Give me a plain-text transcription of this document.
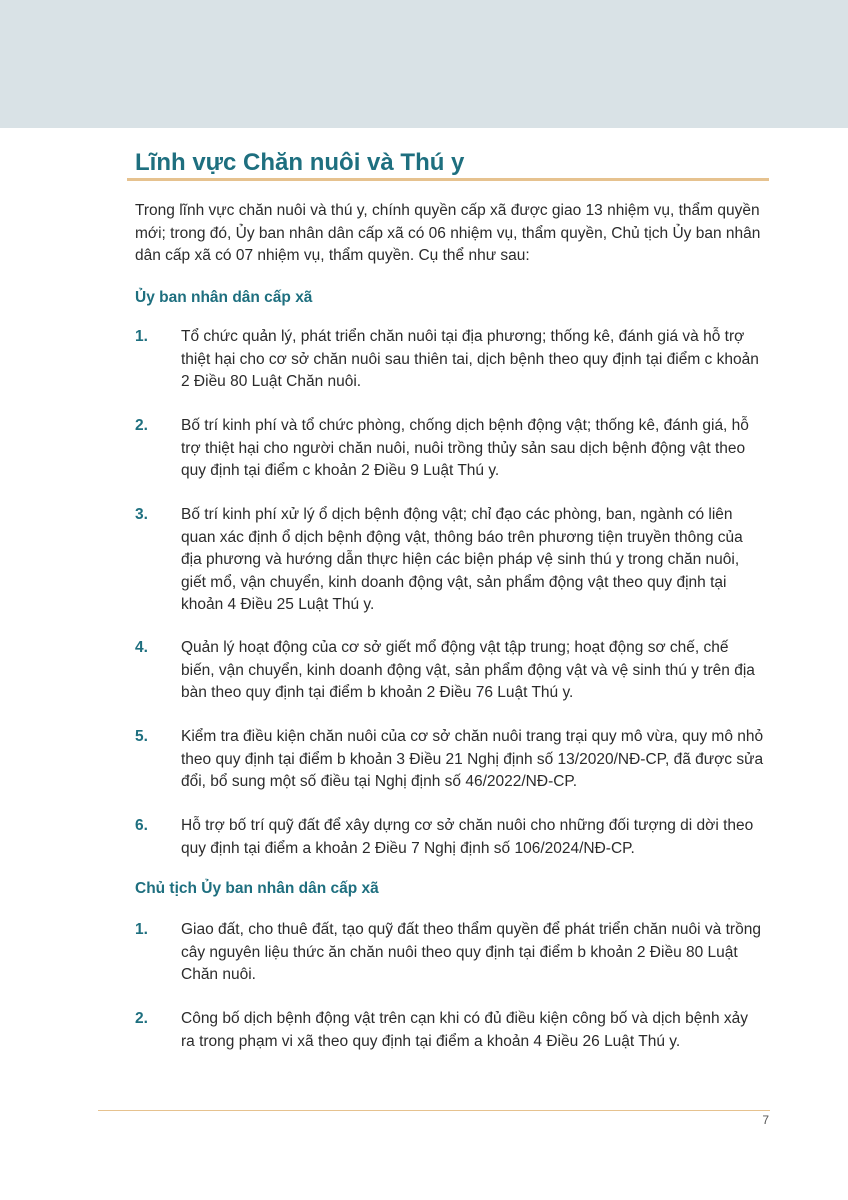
Lĩnh vực Chăn nuôi và Thú y

Trong lĩnh vực chăn nuôi và thú y, chính quyền cấp xã được giao 13 nhiệm vụ, thẩm quyền mới; trong đó, Ủy ban nhân dân cấp xã có 06 nhiệm vụ, thẩm quyền, Chủ tịch Ủy ban nhân dân cấp xã có 07 nhiệm vụ, thẩm quyền. Cụ thể như sau:

Ủy ban nhân dân cấp xã
1. Tổ chức quản lý, phát triển chăn nuôi tại địa phương; thống kê, đánh giá và hỗ trợ thiệt hại cho cơ sở chăn nuôi sau thiên tai, dịch bệnh theo quy định tại điểm c khoản 2 Điều 80 Luật Chăn nuôi.

2. Bố trí kinh phí và tổ chức phòng, chống dịch bệnh động vật; thống kê, đánh giá, hỗ trợ thiệt hại cho người chăn nuôi, nuôi trồng thủy sản sau dịch bệnh động vật theo quy định tại điểm c khoản 2 Điều 9 Luật Thú y.

3. Bố trí kinh phí xử lý ổ dịch bệnh động vật; chỉ đạo các phòng, ban, ngành có liên quan xác định ổ dịch bệnh động vật, thông báo trên phương tiện truyền thông của địa phương và hướng dẫn thực hiện các biện pháp vệ sinh thú y trong chăn nuôi, giết mổ, vận chuyển, kinh doanh động vật, sản phẩm động vật theo quy định tại khoản 4 Điều 25 Luật Thú y.

4. Quản lý hoạt động của cơ sở giết mổ động vật tập trung; hoạt động sơ chế, chế biến, vận chuyển, kinh doanh động vật, sản phẩm động vật và vệ sinh thú y trên địa bàn theo quy định tại điểm b khoản 2 Điều 76 Luật Thú y.

5. Kiểm tra điều kiện chăn nuôi của cơ sở chăn nuôi trang trại quy mô vừa, quy mô nhỏ theo quy định tại điểm b khoản 3 Điều 21 Nghị định số 13/2020/NĐ-CP, đã được sửa đổi, bổ sung một số điều tại Nghị định số 46/2022/NĐ-CP.

6. Hỗ trợ bố trí quỹ đất để xây dựng cơ sở chăn nuôi cho những đối tượng di dời theo quy định tại điểm a khoản 2 Điều 7 Nghị định số 106/2024/NĐ-CP.

Chủ tịch Ủy ban nhân dân cấp xã
1. Giao đất, cho thuê đất, tạo quỹ đất theo thẩm quyền để phát triển chăn nuôi và trồng cây nguyên liệu thức ăn chăn nuôi theo quy định tại điểm b khoản 2 Điều 80 Luật Chăn nuôi.

2. Công bố dịch bệnh động vật trên cạn khi có đủ điều kiện công bố và dịch bệnh xảy ra trong phạm vi xã theo quy định tại điểm a khoản 4 Điều 26 Luật Thú y.

7
